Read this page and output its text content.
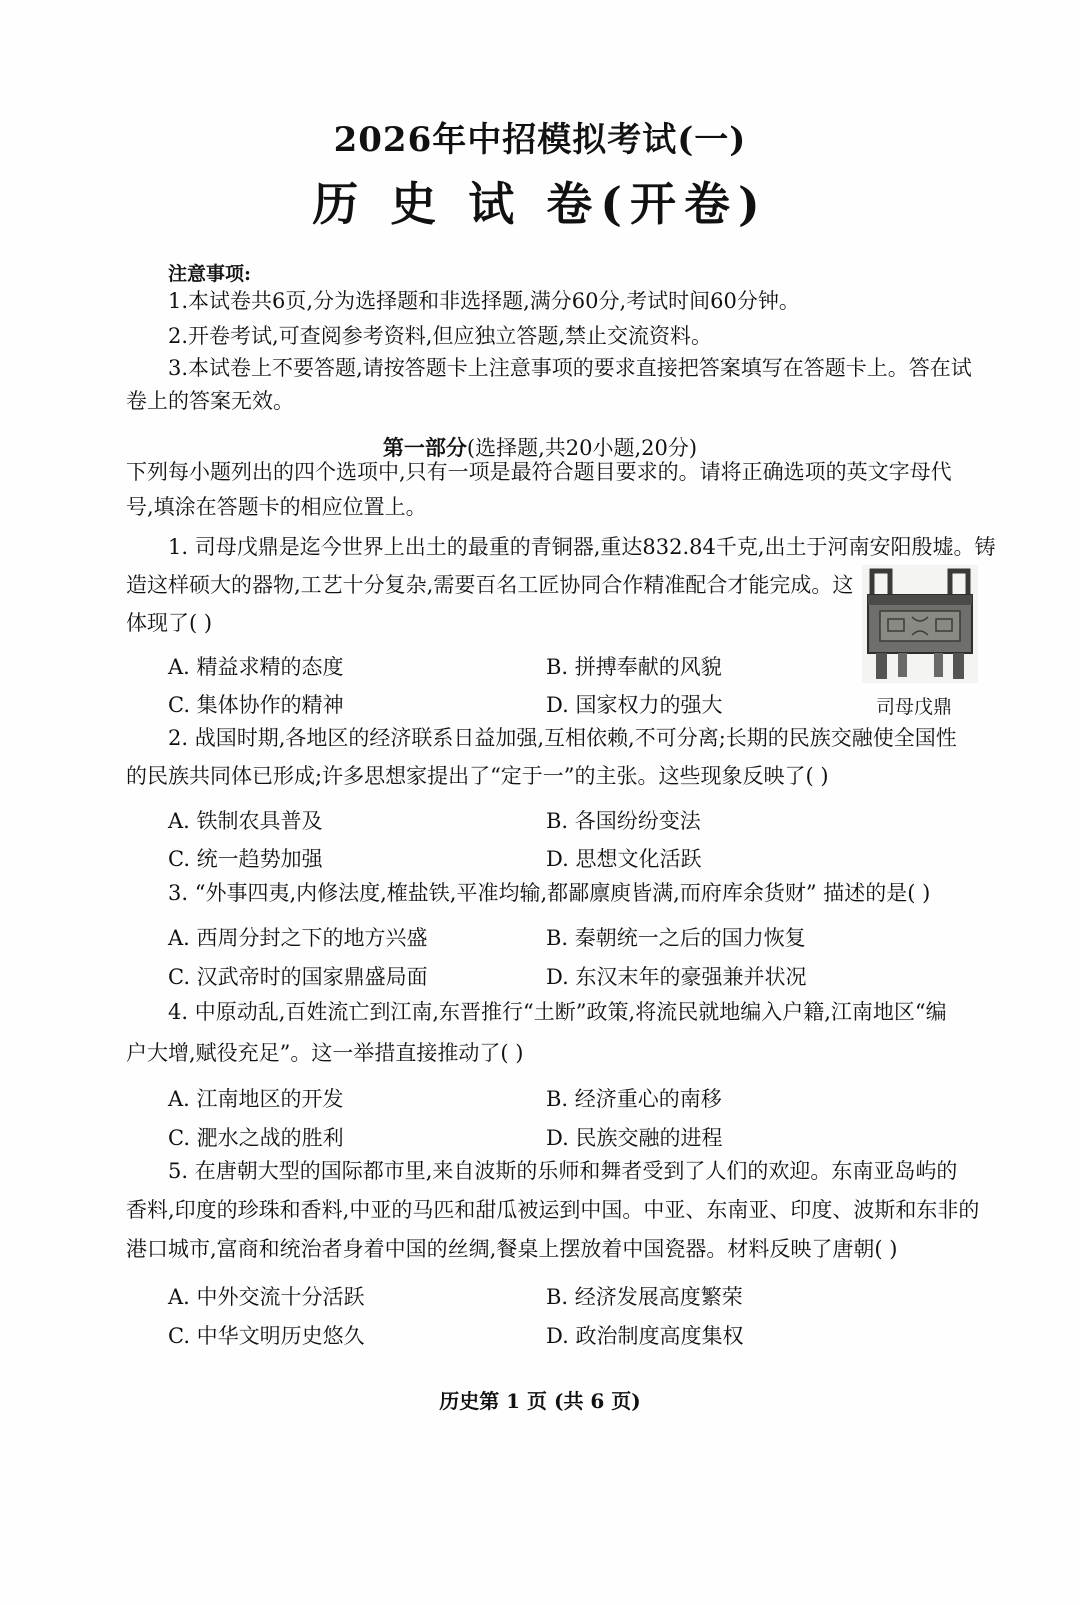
2026年中招模拟考试(一)
历 史 试 卷(开卷)
注意事项:
1.本试卷共6页,分为选择题和非选择题,满分60分,考试时间60分钟。
2.开卷考试,可查阅参考资料,但应独立答题,禁止交流资料。
3.本试卷上不要答题,请按答题卡上注意事项的要求直接把答案填写在答题卡上。答在试
卷上的答案无效。
第一部分(选择题,共20小题,20分)
下列每小题列出的四个选项中,只有一项是最符合题目要求的。请将正确选项的英文字母代
号,填涂在答题卡的相应位置上。
1. 司母戊鼎是迄今世界上出土的最重的青铜器,重达832.84千克,出土于河南安阳殷墟。铸
造这样硕大的器物,工艺十分复杂,需要百名工匠协同合作精准配合才能完成。这
体现了( )
A. 精益求精的态度	B. 拼搏奉献的风貌
C. 集体协作的精神	D. 国家权力的强大	司母戊鼎
2. 战国时期,各地区的经济联系日益加强,互相依赖,不可分离;长期的民族交融使全国性
的民族共同体已形成;许多思想家提出了“定于一”的主张。这些现象反映了( )
A. 铁制农具普及	B. 各国纷纷变法
C. 统一趋势加强	D. 思想文化活跃
3. “外事四夷,内修法度,榷盐铁,平准均输,都鄙廪庾皆满,而府库余货财” 描述的是( )
A. 西周分封之下的地方兴盛	B. 秦朝统一之后的国力恢复
C. 汉武帝时的国家鼎盛局面	D. 东汉末年的豪强兼并状况
4. 中原动乱,百姓流亡到江南,东晋推行“土断”政策,将流民就地编入户籍,江南地区“编
户大增,赋役充足”。这一举措直接推动了( )
A. 江南地区的开发	B. 经济重心的南移
C. 淝水之战的胜利	D. 民族交融的进程
5. 在唐朝大型的国际都市里,来自波斯的乐师和舞者受到了人们的欢迎。东南亚岛屿的
香料,印度的珍珠和香料,中亚的马匹和甜瓜被运到中国。中亚、东南亚、印度、波斯和东非的
港口城市,富商和统治者身着中国的丝绸,餐桌上摆放着中国瓷器。材料反映了唐朝( )
A. 中外交流十分活跃	B. 经济发展高度繁荣
C. 中华文明历史悠久	D. 政治制度高度集权
历史第 1 页 (共 6 页)
